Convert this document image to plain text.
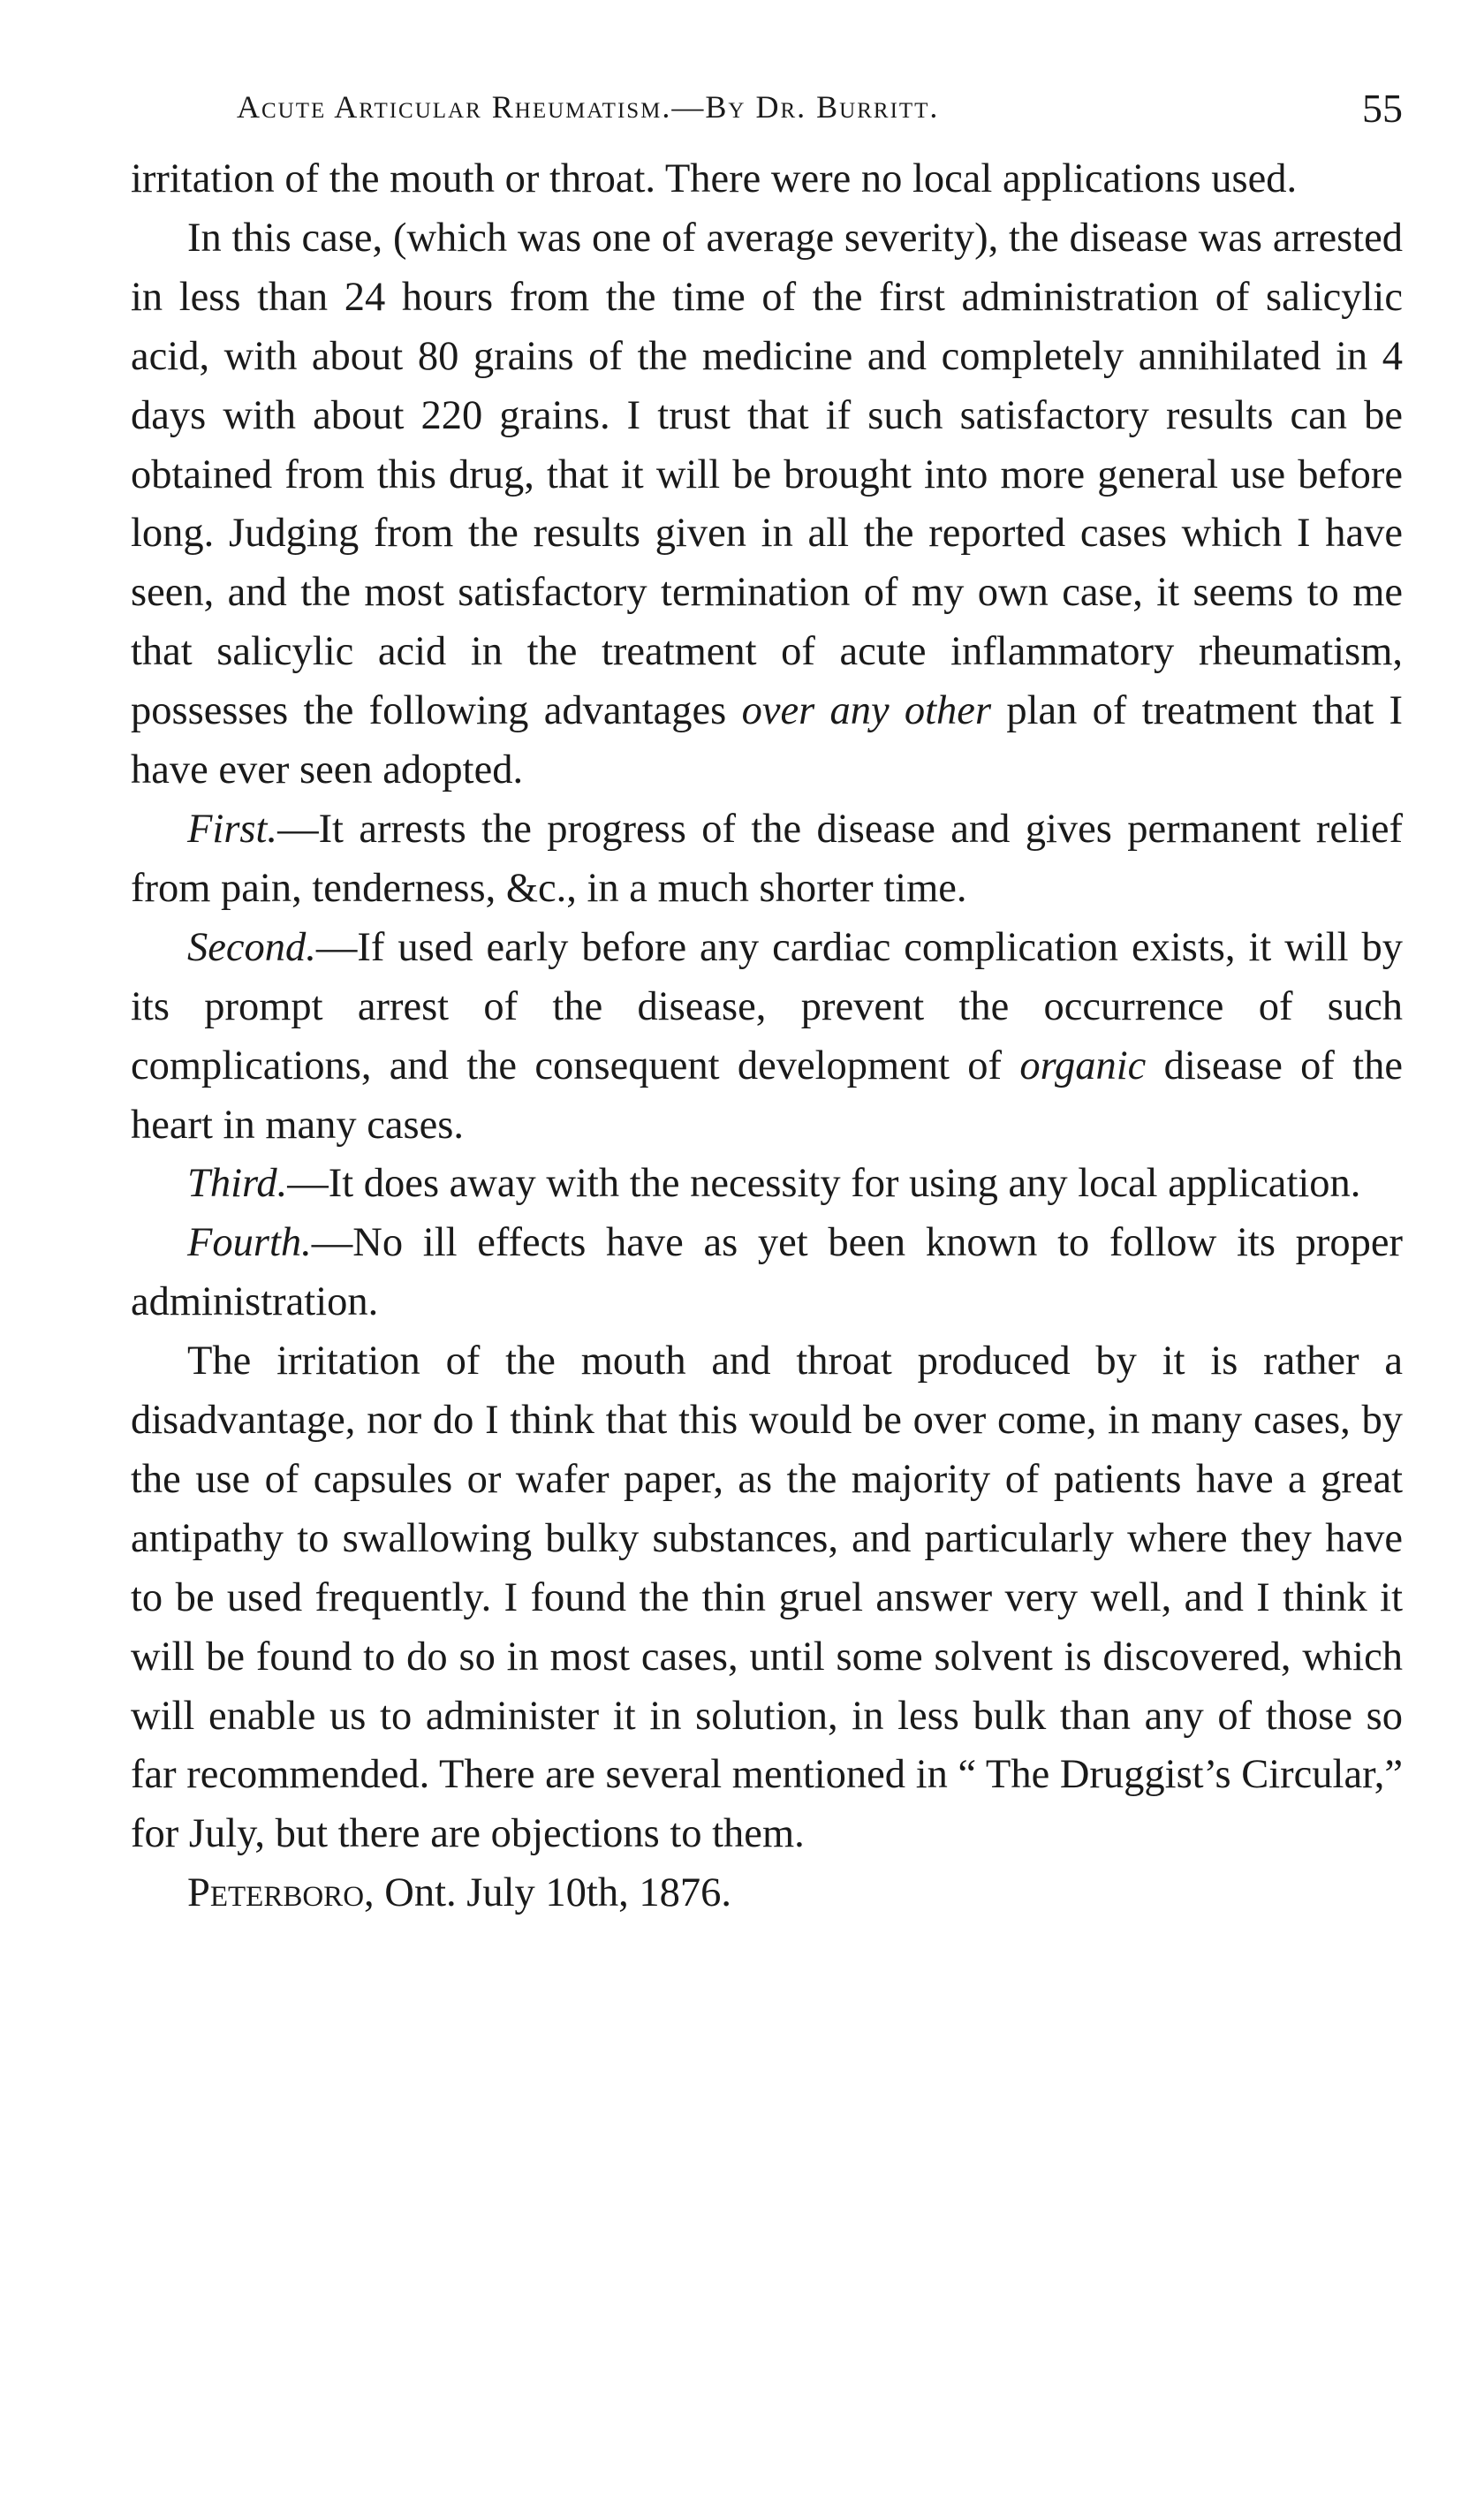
Acute Articular Rheumatism.—By Dr. Burritt.	55

irritation of the mouth or throat. There were no local applications used.

In this case, (which was one of average severity), the disease was arrested in less than 24 hours from the time of the first administration of salicylic acid, with about 80 grains of the medicine and completely annihilated in 4 days with about 220 grains. I trust that if such satisfactory results can be obtained from this drug, that it will be brought into more general use before long. Judging from the results given in all the reported cases which I have seen, and the most satisfactory termination of my own case, it seems to me that salicylic acid in the treatment of acute inflammatory rheumatism, possesses the following advantages over any other plan of treatment that I have ever seen adopted.

First.—It arrests the progress of the disease and gives permanent relief from pain, tenderness, &c., in a much shorter time.

Second.—If used early before any cardiac complication exists, it will by its prompt arrest of the disease, prevent the occurrence of such complications, and the consequent development of organic disease of the heart in many cases.

Third.—It does away with the necessity for using any local application.

Fourth.—No ill effects have as yet been known to follow its proper administration.

The irritation of the mouth and throat produced by it is rather a disadvantage, nor do I think that this would be over come, in many cases, by the use of capsules or wafer paper, as the majority of patients have a great antipathy to swallowing bulky substances, and particularly where they have to be used frequently. I found the thin gruel answer very well, and I think it will be found to do so in most cases, until some solvent is discovered, which will enable us to administer it in solution, in less bulk than any of those so far recommended. There are several mentioned in “ The Druggist’s Circular,” for July, but there are objections to them.

Peterboro, Ont. July 10th, 1876.
